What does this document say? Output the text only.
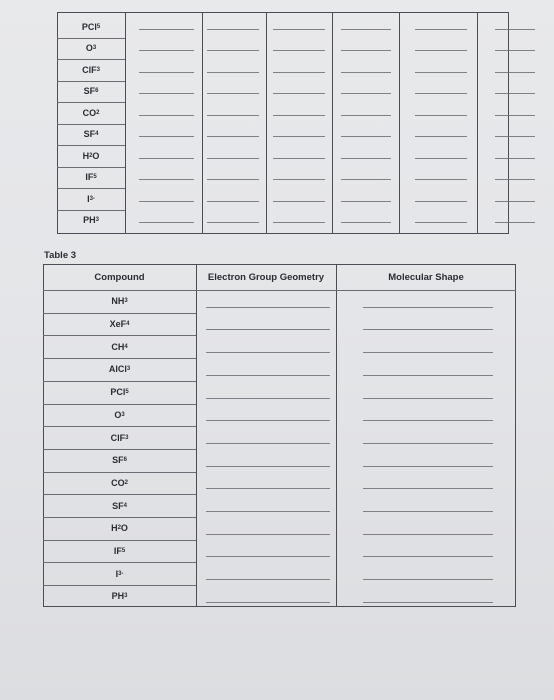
PCl 5
O 3
ClF 3
SF 6
CO 2
SF 4
H 2 O
IF 5
I 3-
PH 3
Table 3
Compound	Electron Group Geometry	Molecular Shape
NH 3
XeF 4
CH 4
AlCl 3
PCl 5
O 3
ClF 3
SF 6
CO 2
SF 4
H 2 O
IF 5
I 3-
PH 3
